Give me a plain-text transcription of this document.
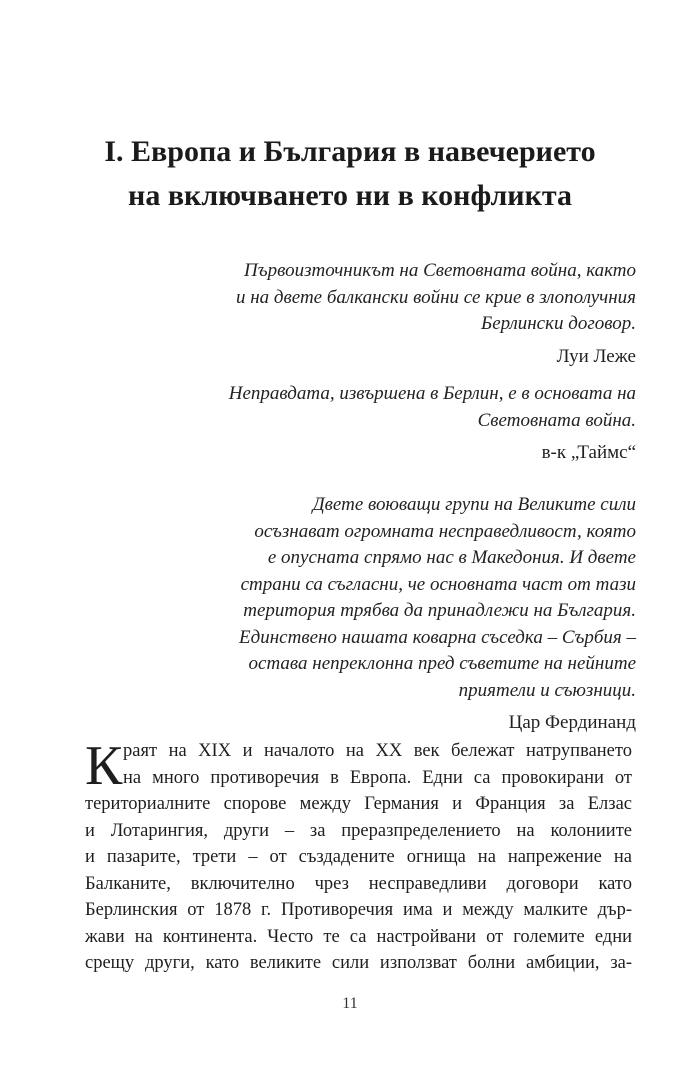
I. Европа и България в навечерието
на включването ни в конфликта
Първоизточникът на Световната война, както
и на двете балкански войни се крие в злополучния
Берлински договор.
Луи Леже
Неправдата, извършена в Берлин, е в основата на
Световната война.
в-к „Таймс“
Двете воюващи групи на Великите сили
осъзнават огромната несправедливост, която
е опусната спрямо нас в Македония. И двете
страни са съгласни, че основната част от тази
територия трябва да принадлежи на България.
Единствено нашата коварна съседка – Сърбия –
остава непреклонна пред съветите на нейните
приятели и съюзници.
Цар Фердинанд
К раят на XIX и началото на XX век бележат натрупването
на много противоречия в Европа. Едни са провокирани от
териториалните спорове между Германия и Франция за Елзас
и Лотарингия, други – за преразпределението на колониите
и пазарите, трети – от създадените огнища на напрежение на
Балканите, включително чрез несправедливи договори като
Берлинския от 1878 г. Противоречия има и между малките дър-
жави на континента. Често те са настройвани от големите едни
срещу други, като великите сили използват болни амбиции, за-
11
